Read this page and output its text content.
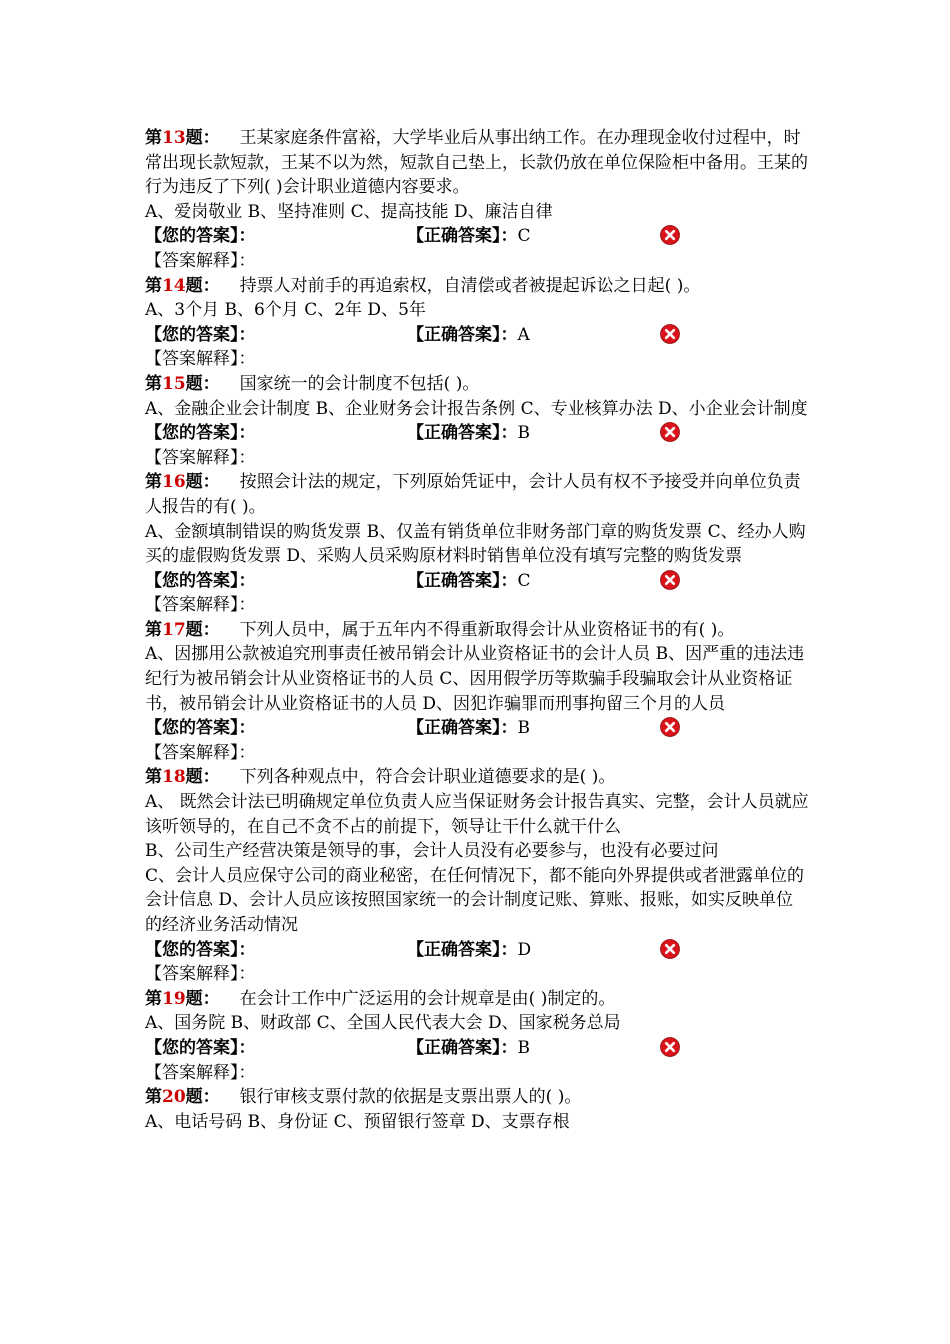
第13题： 王某家庭条件富裕，大学毕业后从事出纳工作。在办理现金收付过程中，时常出现长款短款，王某不以为然，短款自己垫上，长款仍放在单位保险柜中备用。王某的行为违反了下列( )会计职业道德内容要求。

A、爱岗敬业 B、坚持准则 C、提高技能 D、廉洁自律

【您的答案】：	【正确答案】：C

【答案解释】：

第14题： 持票人对前手的再追索权，自清偿或者被提起诉讼之日起( )。

A、3个月 B、6个月 C、2年 D、5年

【您的答案】：	【正确答案】：A

【答案解释】：

第15题： 国家统一的会计制度不包括( )。

A、金融企业会计制度 B、企业财务会计报告条例 C、专业核算办法 D、小企业会计制度

【您的答案】：	【正确答案】：B

【答案解释】：

第16题： 按照会计法的规定，下列原始凭证中，会计人员有权不予接受并向单位负责人报告的有( )。

A、金额填制错误的购货发票 B、仅盖有销货单位非财务部门章的购货发票 C、经办人购买的虚假购货发票 D、采购人员采购原材料时销售单位没有填写完整的购货发票

【您的答案】：	【正确答案】：C

【答案解释】：

第17题： 下列人员中，属于五年内不得重新取得会计从业资格证书的有( )。

A、因挪用公款被追究刑事责任被吊销会计从业资格证书的会计人员 B、因严重的违法违纪行为被吊销会计从业资格证书的人员 C、因用假学历等欺骗手段骗取会计从业资格证书，被吊销会计从业资格证书的人员 D、因犯诈骗罪而刑事拘留三个月的人员

【您的答案】：	【正确答案】：B

【答案解释】：

第18题： 下列各种观点中，符合会计职业道德要求的是( )。

A、 既然会计法已明确规定单位负责人应当保证财务会计报告真实、完整，会计人员就应该听领导的，在自己不贪不占的前提下，领导让干什么就干什么

B、公司生产经营决策是领导的事，会计人员没有必要参与，也没有必要过问

C、会计人员应保守公司的商业秘密，在任何情况下，都不能向外界提供或者泄露单位的会计信息 D、会计人员应该按照国家统一的会计制度记账、算账、报账，如实反映单位的经济业务活动情况

【您的答案】：	【正确答案】：D

【答案解释】：

第19题： 在会计工作中广泛运用的会计规章是由( )制定的。

A、国务院 B、财政部 C、全国人民代表大会 D、国家税务总局

【您的答案】：	【正确答案】：B

【答案解释】：

第20题： 银行审核支票付款的依据是支票出票人的( )。

A、电话号码 B、身份证 C、预留银行签章 D、支票存根
